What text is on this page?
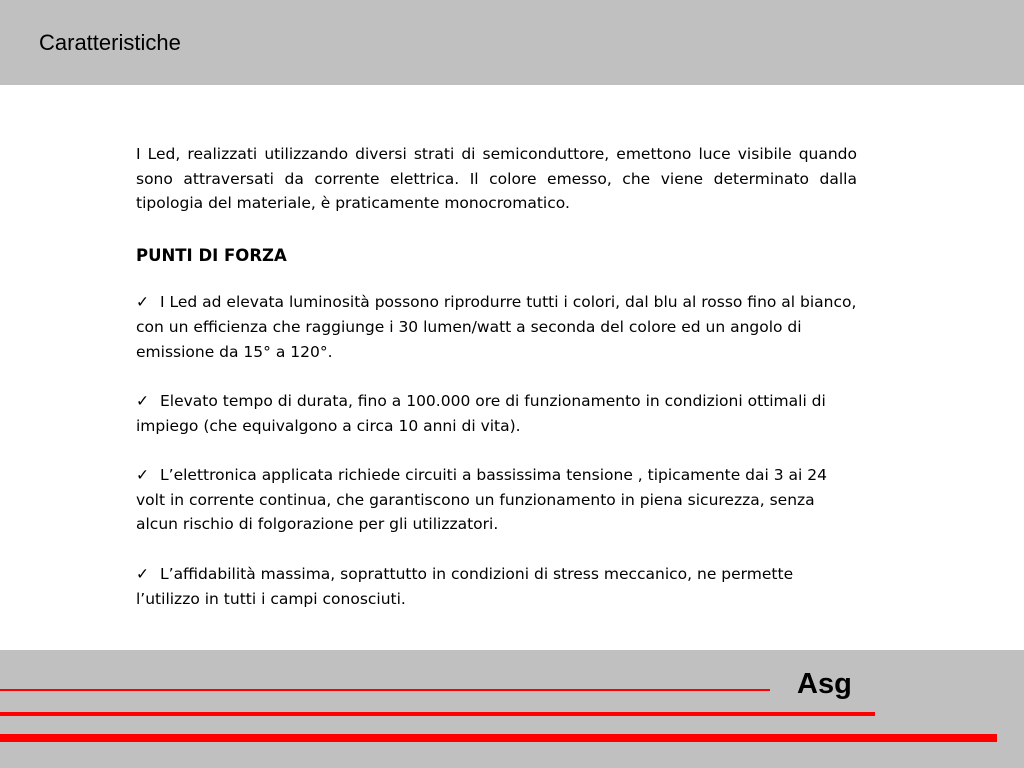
Caratteristiche

I Led, realizzati utilizzando diversi strati di semiconduttore, emettono luce visibile quando sono attraversati da corrente elettrica. Il colore emesso, che viene determinato dalla tipologia del materiale, è praticamente monocromatico.

PUNTI DI FORZA
✓ I Led ad elevata luminosità possono riprodurre tutti i colori, dal blu al rosso fino al bianco, con un efficienza che raggiunge i 30 lumen/watt a seconda del colore ed un angolo di emissione da 15° a 120°.
✓ Elevato tempo di durata, fino a 100.000 ore di funzionamento in condizioni ottimali di impiego (che equivalgono a circa 10 anni di vita).
✓ L’elettronica applicata richiede circuiti a bassissima tensione , tipicamente dai 3 ai 24 volt in corrente continua, che garantiscono un funzionamento in piena sicurezza, senza alcun rischio di folgorazione per gli utilizzatori.
✓ L’affidabilità massima, soprattutto in condizioni di stress meccanico, ne permette l’utilizzo in tutti i campi conosciuti.
Asg
